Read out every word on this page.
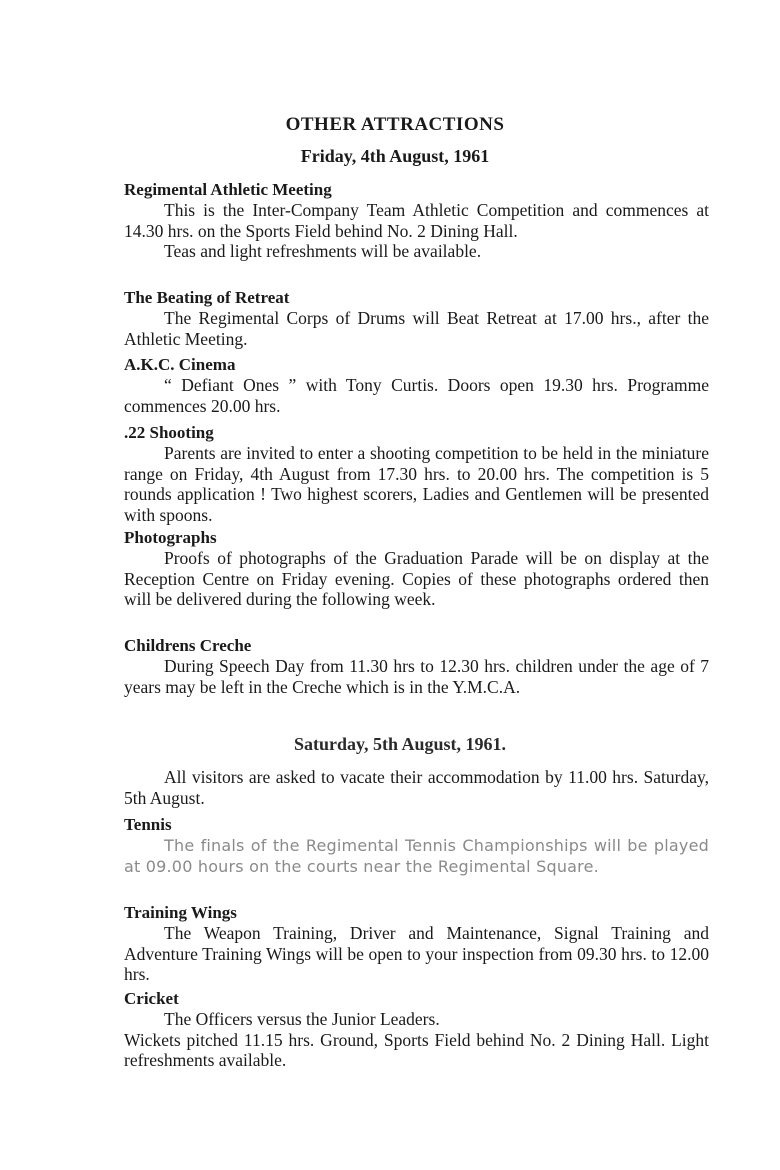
OTHER ATTRACTIONS
Friday, 4th August, 1961
Regimental Athletic Meeting
This is the Inter-Company Team Athletic Competition and commences at 14.30 hrs. on the Sports Field behind No. 2 Dining Hall.
Teas and light refreshments will be available.
The Beating of Retreat
The Regimental Corps of Drums will Beat Retreat at 17.00 hrs., after the Athletic Meeting.
A.K.C. Cinema
“ Defiant Ones ” with Tony Curtis. Doors open 19.30 hrs. Programme commences 20.00 hrs.
.22 Shooting
Parents are invited to enter a shooting competition to be held in the miniature range on Friday, 4th August from 17.30 hrs. to 20.00 hrs. The competition is 5 rounds application ! Two highest scorers, Ladies and Gentlemen will be presented with spoons.
Photographs
Proofs of photographs of the Graduation Parade will be on display at the Reception Centre on Friday evening. Copies of these photographs ordered then will be delivered during the following week.
Childrens Creche
During Speech Day from 11.30 hrs to 12.30 hrs. children under the age of 7 years may be left in the Creche which is in the Y.M.C.A.
Saturday, 5th August, 1961.
All visitors are asked to vacate their accommodation by 11.00 hrs. Saturday, 5th August.
Tennis
The finals of the Regimental Tennis Championships will be played at 09.00 hours on the courts near the Regimental Square.
Training Wings
The Weapon Training, Driver and Maintenance, Signal Training and Adventure Training Wings will be open to your inspection from 09.30 hrs. to 12.00 hrs.
Cricket
The Officers versus the Junior Leaders.
Wickets pitched 11.15 hrs. Ground, Sports Field behind No. 2 Dining Hall. Light refreshments available.
